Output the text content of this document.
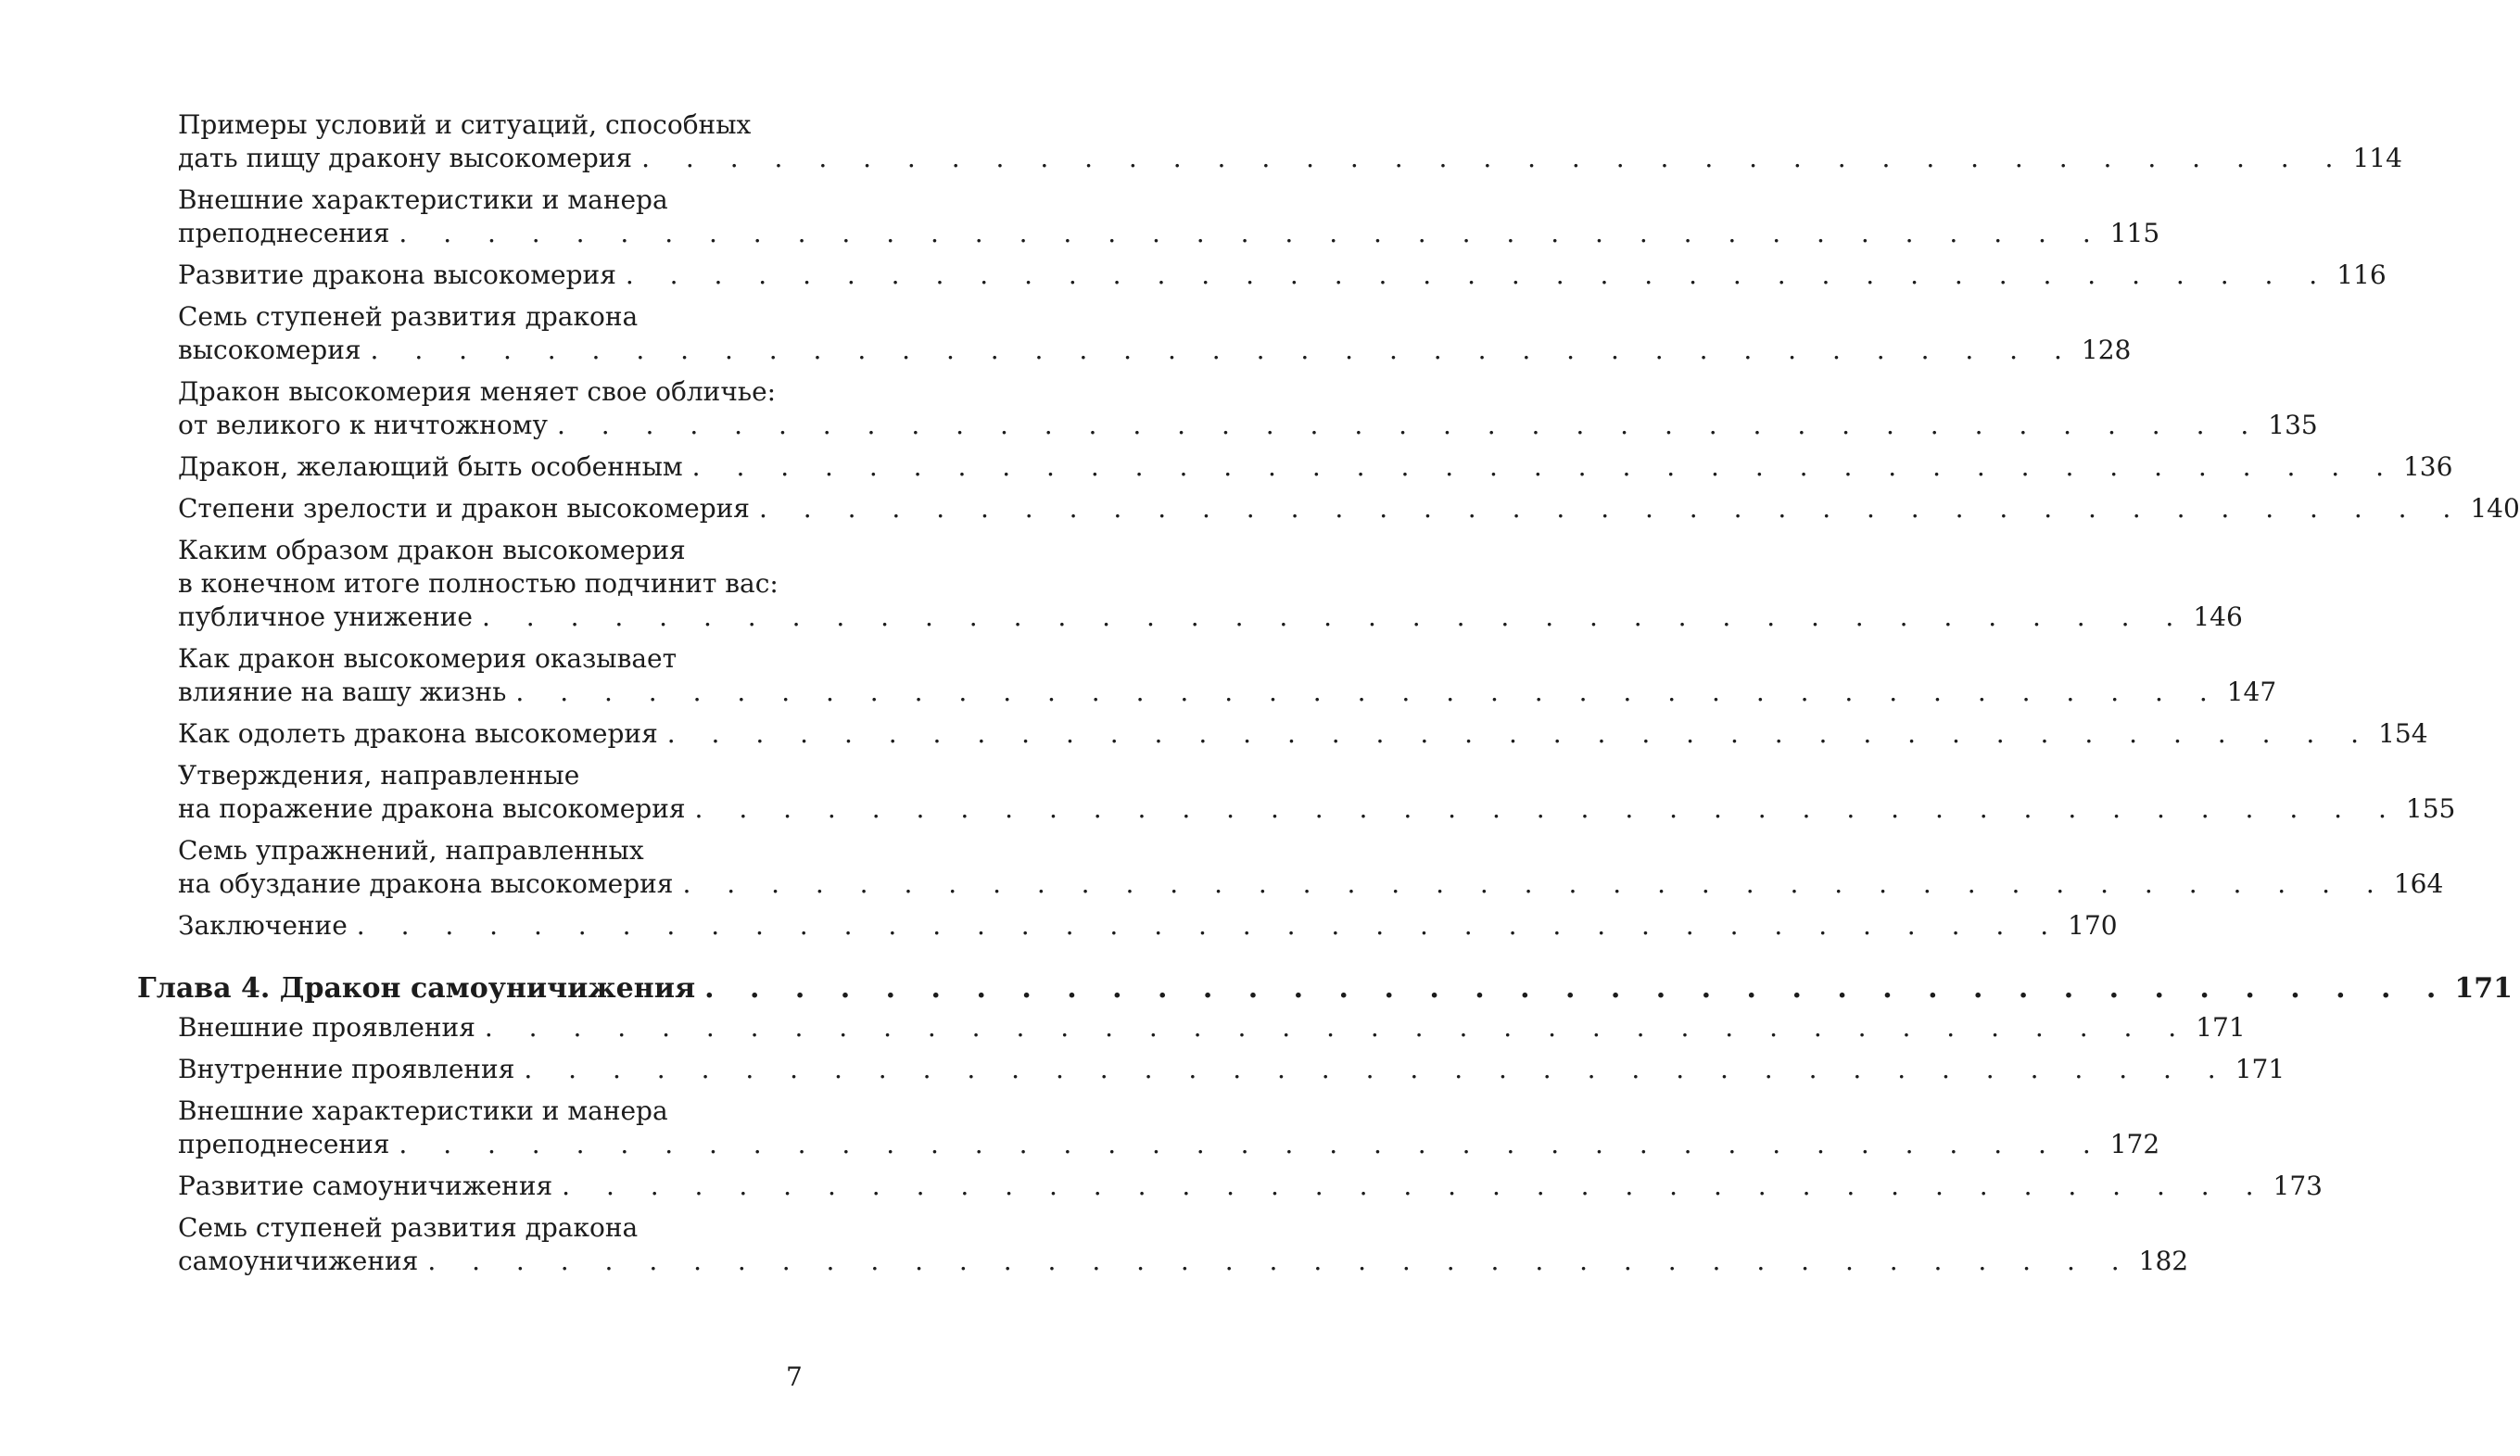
Примеры условий и ситуаций, способных
дать пищу дракону высокомерия . . . . . . . . . . . . . . . . . . . . . . . . . . . . . . . . . . . . . . . 114
Внешние характеристики и манера
преподнесения . . . . . . . . . . . . . . . . . . . . . . . . . . . . . . . . . . . . . . . 115
Развитие дракона высокомерия . . . . . . . . . . . . . . . . . . . . . . . . . . . . . . . . . . . . . . . 116
Семь ступеней развития дракона
высокомерия . . . . . . . . . . . . . . . . . . . . . . . . . . . . . . . . . . . . . . . 128
Дракон высокомерия меняет свое обличье:
от великого к ничтожному . . . . . . . . . . . . . . . . . . . . . . . . . . . . . . . . . . . . . . . 135
Дракон, желающий быть особенным . . . . . . . . . . . . . . . . . . . . . . . . . . . . . . . . . . . . . . . 136
Степени зрелости и дракон высокомерия . . . . . . . . . . . . . . . . . . . . . . . . . . . . . . . . . . . . . . . 140
Каким образом дракон высокомерия
в конечном итоге полностью подчинит вас:
публичное унижение . . . . . . . . . . . . . . . . . . . . . . . . . . . . . . . . . . . . . . . 146
Как дракон высокомерия оказывает
влияние на вашу жизнь . . . . . . . . . . . . . . . . . . . . . . . . . . . . . . . . . . . . . . . 147
Как одолеть дракона высокомерия . . . . . . . . . . . . . . . . . . . . . . . . . . . . . . . . . . . . . . . 154
Утверждения, направленные
на поражение дракона высокомерия . . . . . . . . . . . . . . . . . . . . . . . . . . . . . . . . . . . . . . . 155
Семь упражнений, направленных
на обуздание дракона высокомерия . . . . . . . . . . . . . . . . . . . . . . . . . . . . . . . . . . . . . . . 164
Заключение . . . . . . . . . . . . . . . . . . . . . . . . . . . . . . . . . . . . . . . 170
Глава 4. Дракон самоуничижения . . . . . . . . . . . . . . . . . . . . . . . . . . . . . . . . . . . . . . . 171
Внешние проявления . . . . . . . . . . . . . . . . . . . . . . . . . . . . . . . . . . . . . . . 171
Внутренние проявления . . . . . . . . . . . . . . . . . . . . . . . . . . . . . . . . . . . . . . . 171
Внешние характеристики и манера
преподнесения . . . . . . . . . . . . . . . . . . . . . . . . . . . . . . . . . . . . . . . 172
Развитие самоуничижения . . . . . . . . . . . . . . . . . . . . . . . . . . . . . . . . . . . . . . . 173
Семь ступеней развития дракона
самоуничижения . . . . . . . . . . . . . . . . . . . . . . . . . . . . . . . . . . . . . . . 182
7
